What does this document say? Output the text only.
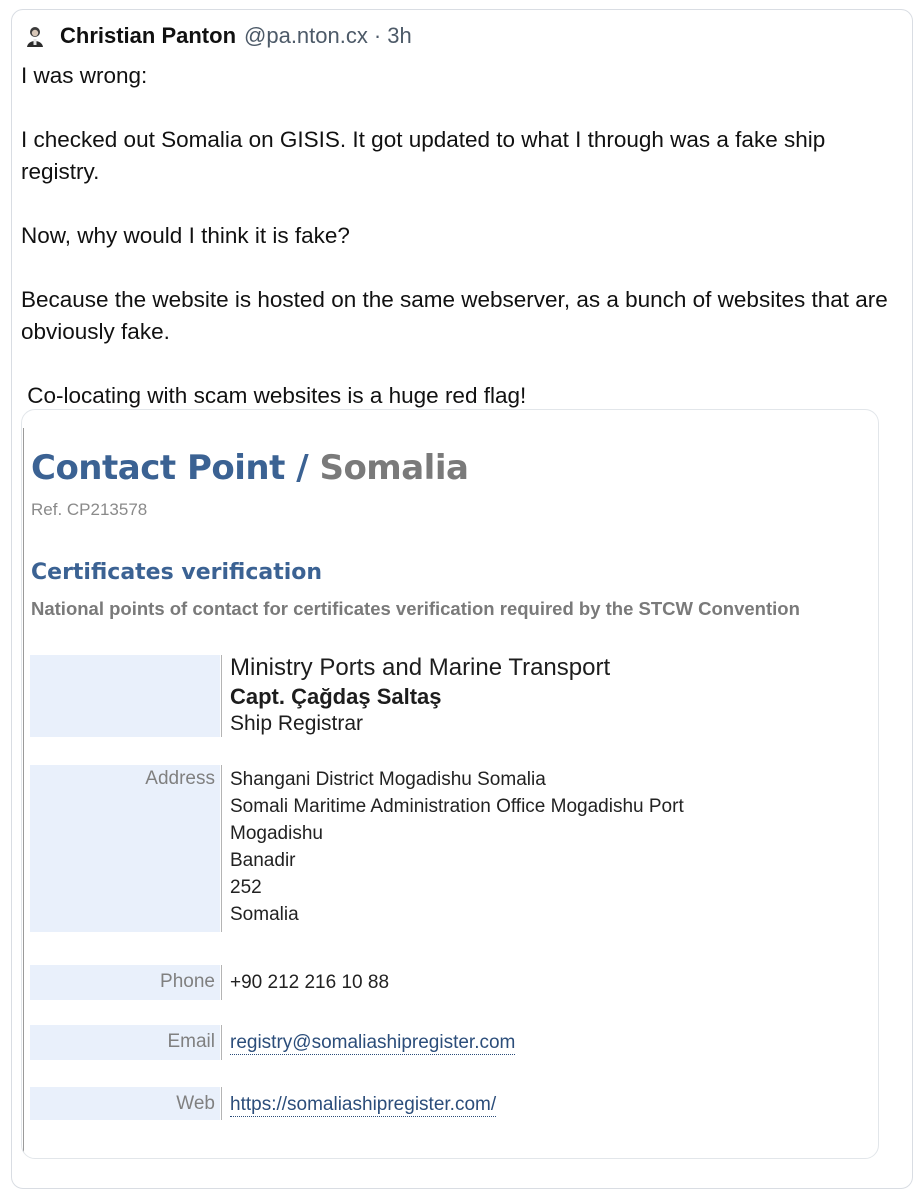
Christian Panton @pa.nton.cx · 3h

I was wrong:

I checked out Somalia on GISIS. It got updated to what I through was a fake ship registry.

Now, why would I think it is fake?

Because the website is hosted on the same webserver, as a bunch of websites that are obviously fake.

Co-locating with scam websites is a huge red flag!

Contact Point / Somalia
Ref. CP213578
Certificates verification
National points of contact for certificates verification required by the STCW Convention
Ministry Ports and Marine Transport
Capt. Çağdaş Saltaş
Ship Registrar
Address Shangani District Mogadishu Somalia
Somali Maritime Administration Office Mogadishu Port
Mogadishu
Banadir
252
Somalia
Phone +90 212 216 10 88
Email registry@somaliashipregister.com
Web https://somaliashipregister.com/
